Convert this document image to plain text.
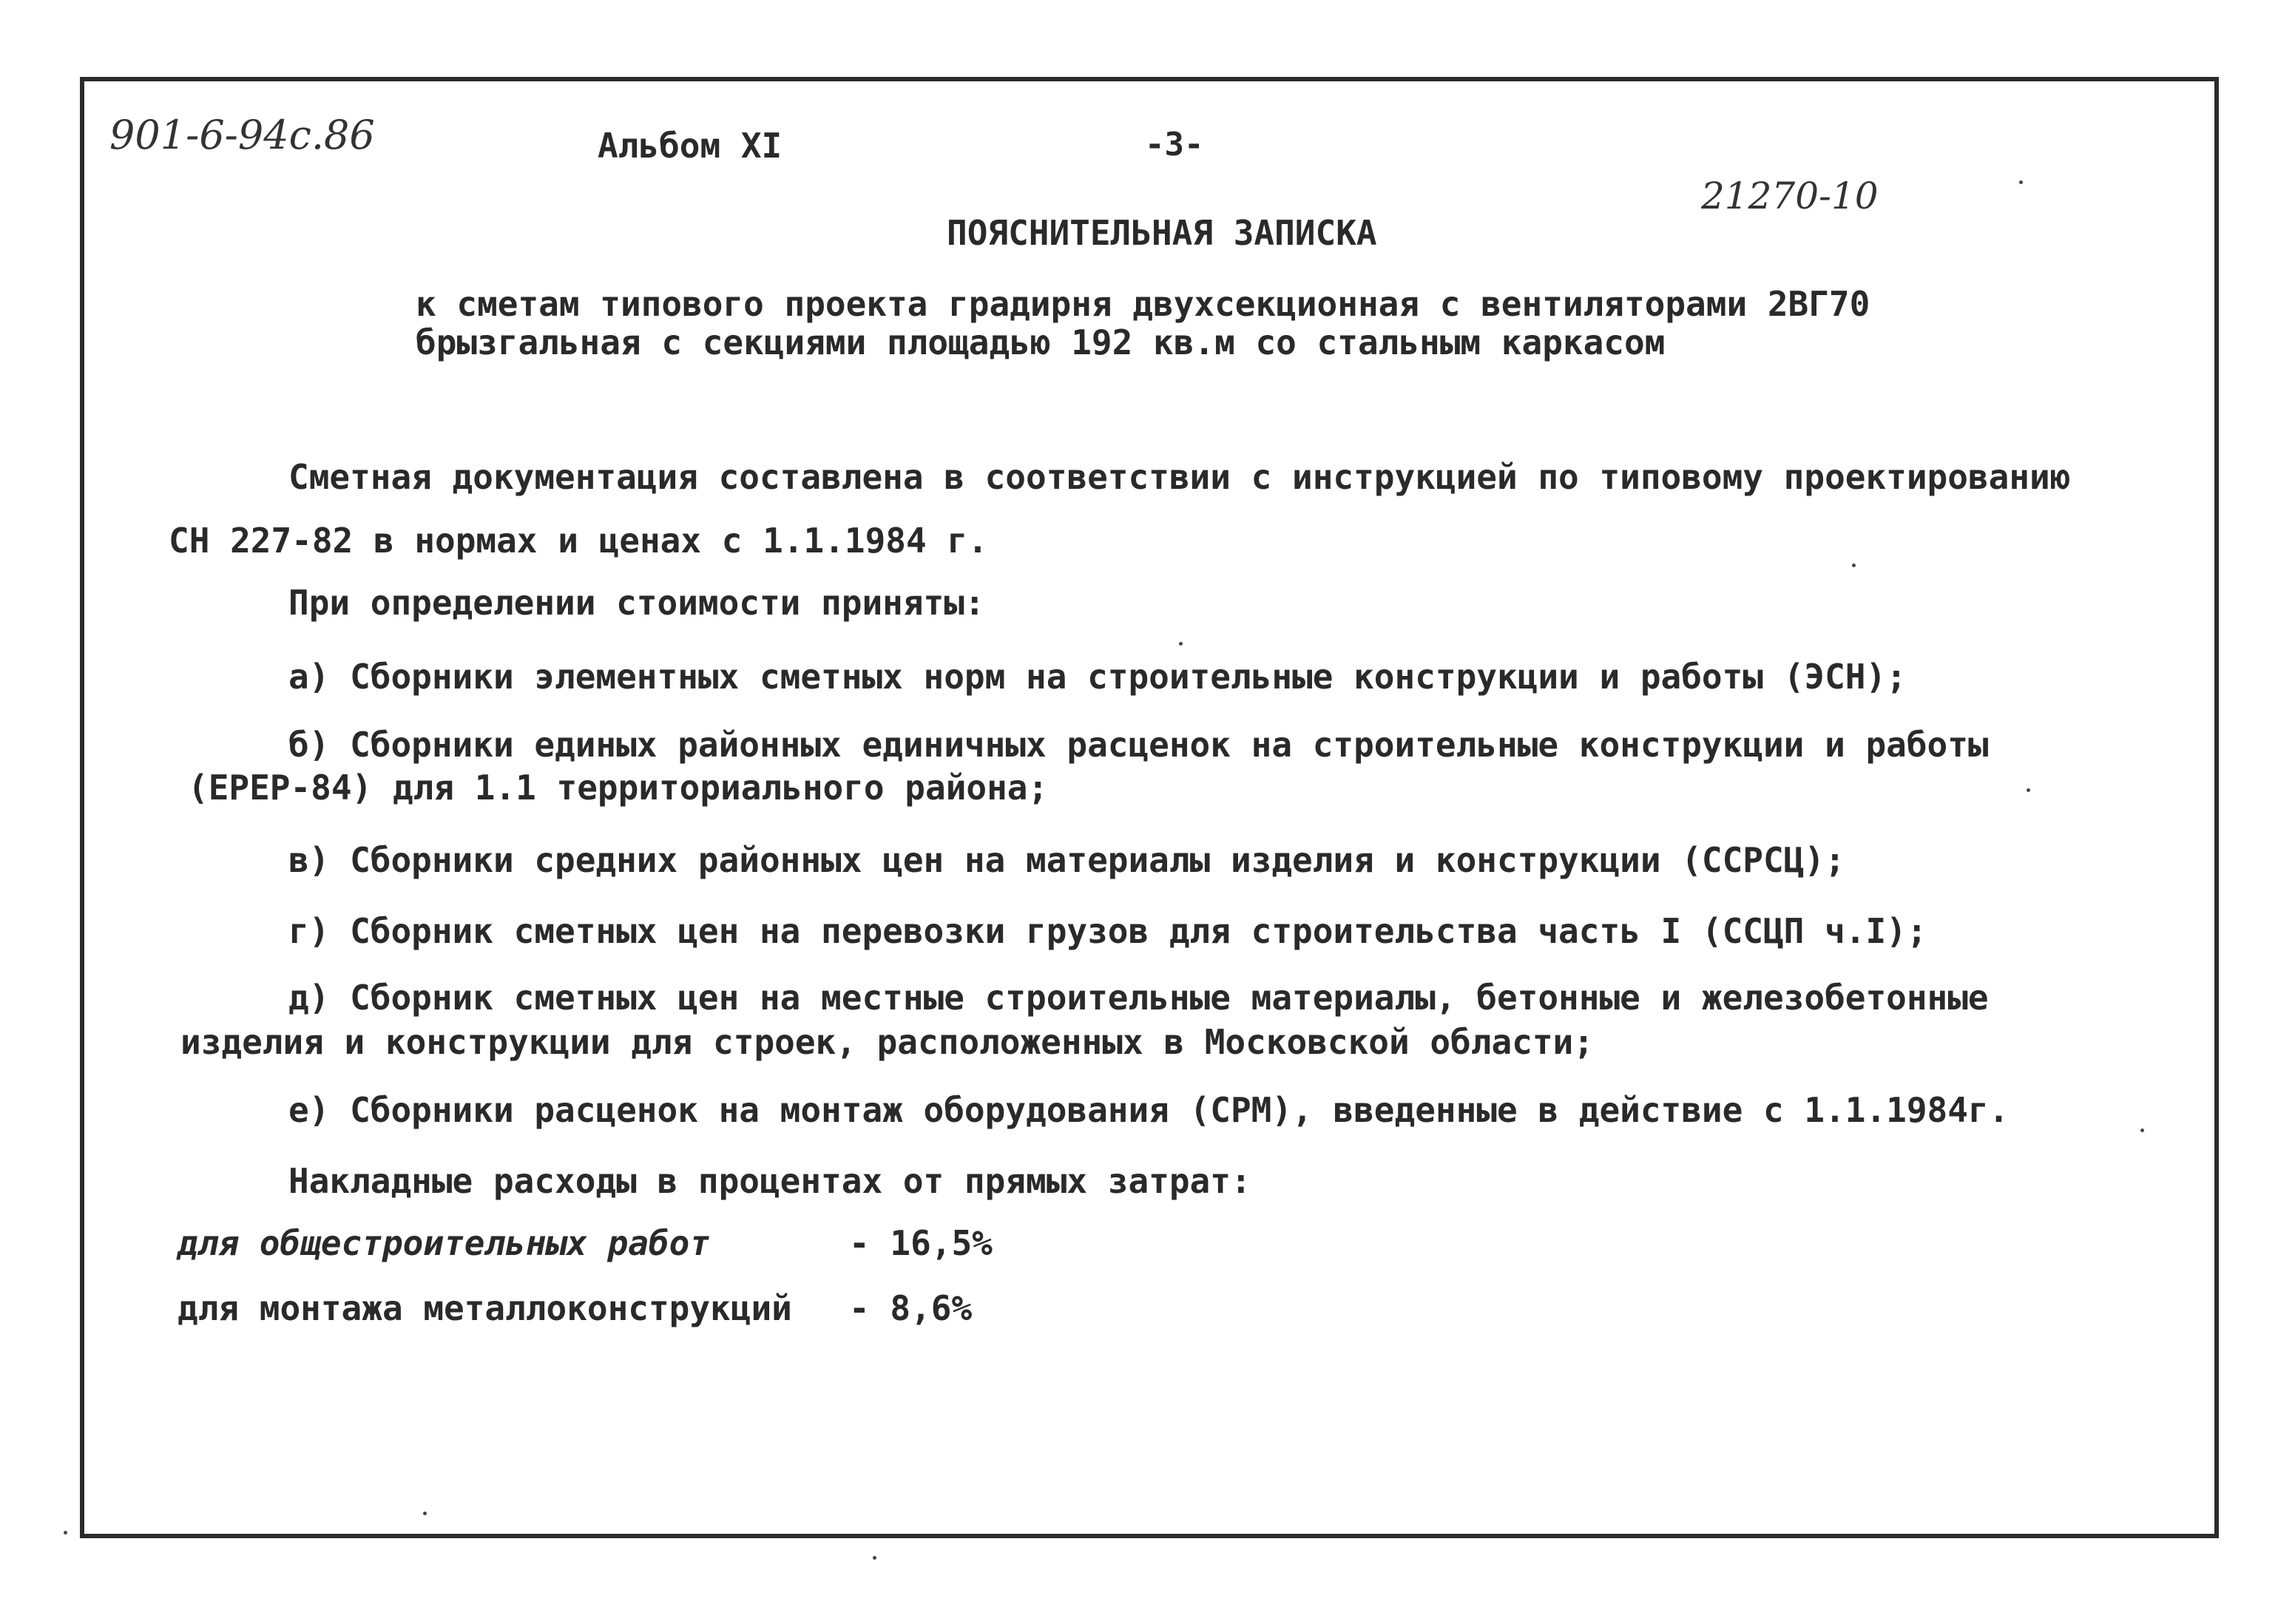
901-6-94с.86	Альбом XI	-3-
21270-10
ПОЯСНИТЕЛЬНАЯ ЗАПИСКА
к сметам типового проекта градирня двухсекционная с вентиляторами 2ВГ70
брызгальная с секциями площадью 192 кв.м со стальным каркасом
Сметная документация составлена в соответствии с инструкцией по типовому проектированию
СН 227-82 в нормах и ценах с 1.1.1984 г.
При определении стоимости приняты:
а) Сборники элементных сметных норм на строительные конструкции и работы (ЭСН);
б) Сборники единых районных единичных расценок на строительные конструкции и работы
(ЕРЕР-84) для 1.1 территориального района;
в) Сборники средних районных цен на материалы изделия и конструкции (ССРСЦ);
г) Сборник сметных цен на перевозки грузов для строительства часть I (ССЦП ч.I);
д) Сборник сметных цен на местные строительные материалы, бетонные и железобетонные
изделия и конструкции для строек, расположенных в Московской области;
е) Сборники расценок на монтаж оборудования (СРМ), введенные в действие с 1.1.1984г.
Накладные расходы в процентах от прямых затрат:
для общестроительных работ	- 16,5%
для монтажа металлоконструкций - 8,6%
